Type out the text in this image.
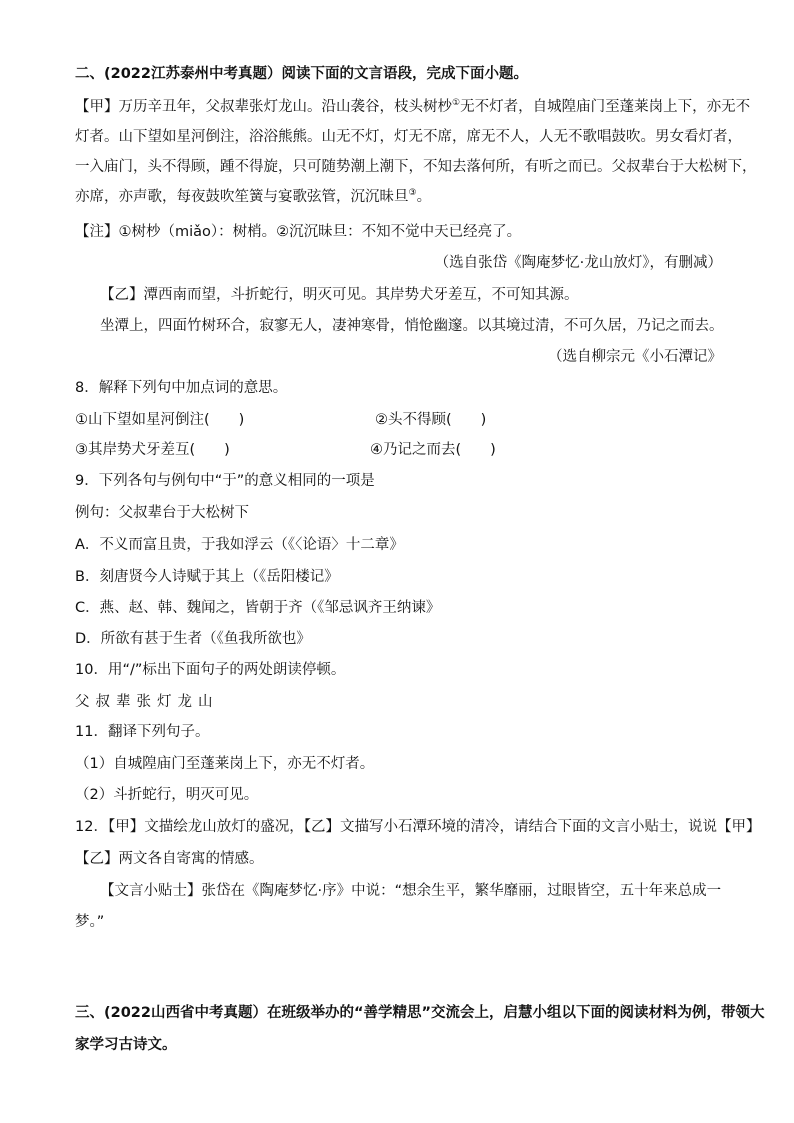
二、(2022江苏泰州中考真题）阅读下面的文言语段，完成下面小题。
【甲】万历辛丑年，父叔辈张灯龙山。沿山袭谷，枝头树杪①无不灯者，自城隍庙门至蓬莱岗上下，亦无不
灯者。山下望如星河倒注，浴浴熊熊。山无不灯，灯无不席，席无不人，人无不歌唱鼓吹。男女看灯者，
一入庙门，头不得顾，踵不得旋，只可随势潮上潮下，不知去落何所，有听之而已。父叔辈台于大松树下，
亦席，亦声歌，每夜鼓吹笙簧与宴歌弦管，沉沉昧旦③。
【注】①树杪（miǎo）：树梢。②沉沉昧旦：不知不觉中天已经亮了。
（选自张岱《陶庵梦忆·龙山放灯》，有删减）
【乙】潭西南而望，斗折蛇行，明灭可见。其岸势犬牙差互，不可知其源。
坐潭上，四面竹树环合，寂寥无人，凄神寒骨，悄怆幽邃。以其境过清，不可久居，乃记之而去。
（选自柳宗元《小石潭记》
8．解释下列句中加点词的意思。
①山下望如星河倒注(　　)	②头不得顾(　　)
③其岸势犬牙差互(　　)	④乃记之而去(　　)
9．下列各句与例句中“于”的意义相同的一项是
例句：父叔辈台于大松树下
A．不义而富且贵，于我如浮云（《〈论语〉十二章》
B．刻唐贤今人诗赋于其上（《岳阳楼记》
C．燕、赵、韩、魏闻之，皆朝于齐（《邹忌讽齐王纳谏》
D．所欲有甚于生者（《鱼我所欲也》
10．用“/”标出下面句子的两处朗读停顿。
父叔辈张灯龙山
11．翻译下列句子。
（1）自城隍庙门至蓬莱岗上下，亦无不灯者。
（2）斗折蛇行，明灭可见。
12．【甲】文描绘龙山放灯的盛况，【乙】文描写小石潭环境的清冷，请结合下面的文言小贴士，说说【甲】
【乙】两文各自寄寓的情感。
【文言小贴士】张岱在《陶庵梦忆·序》中说：“想余生平，繁华靡丽，过眼皆空，五十年来总成一
梦。”
三、(2022山西省中考真题）在班级举办的“善学精思”交流会上，启慧小组以下面的阅读材料为例，带领大
家学习古诗文。
